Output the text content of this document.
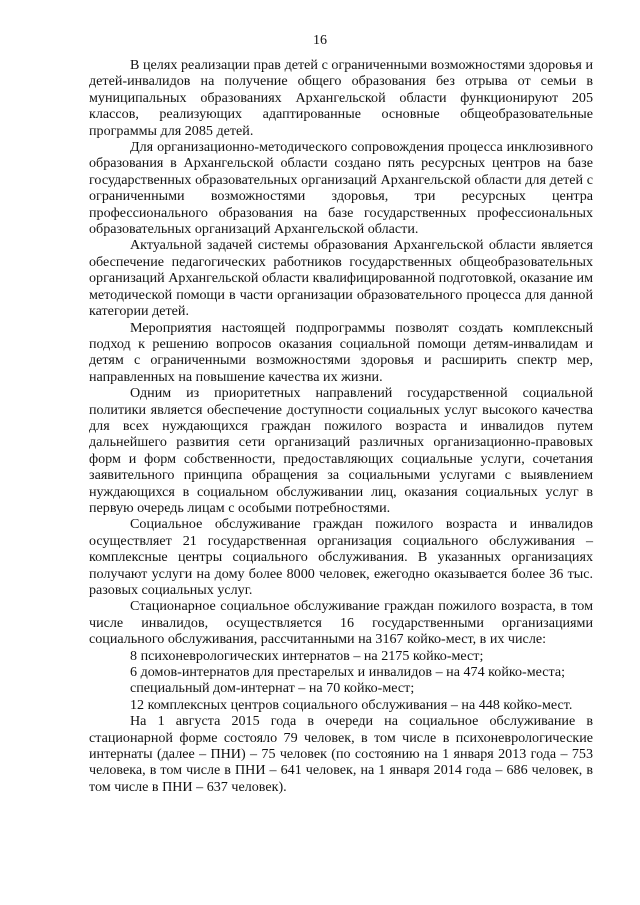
16

В целях реализации прав детей с ограниченными возможностями здоровья и детей-инвалидов на получение общего образования без отрыва от семьи в муниципальных образованиях Архангельской области функционируют 205 классов, реализующих адаптированные основные общеобразовательные программы для 2085 детей.

Для организационно-методического сопровождения процесса инклюзивного образования в Архангельской области создано пять ресурсных центров на базе государственных образовательных организаций Архангельской области для детей с ограниченными возможностями здоровья, три ресурсных центра профессионального образования на базе государственных профессиональных образовательных организаций Архангельской области.

Актуальной задачей системы образования Архангельской области является обеспечение педагогических работников государственных общеобразовательных организаций Архангельской области квалифицированной подготовкой, оказание им методической помощи в части организации образовательного процесса для данной категории детей.

Мероприятия настоящей подпрограммы позволят создать комплексный подход к решению вопросов оказания социальной помощи детям-инвалидам и детям с ограниченными возможностями здоровья и расширить спектр мер, направленных на повышение качества их жизни.

Одним из приоритетных направлений государственной социальной политики является обеспечение доступности социальных услуг высокого качества для всех нуждающихся граждан пожилого возраста и инвалидов путем дальнейшего развития сети организаций различных организационно-правовых форм и форм собственности, предоставляющих социальные услуги, сочетания заявительного принципа обращения за социальными услугами с выявлением нуждающихся в социальном обслуживании лиц, оказания социальных услуг в первую очередь лицам с особыми потребностями.

Социальное обслуживание граждан пожилого возраста и инвалидов осуществляет 21 государственная организация социального обслуживания – комплексные центры социального обслуживания. В указанных организациях получают услуги на дому более 8000 человек, ежегодно оказывается более 36 тыс. разовых социальных услуг.

Стационарное социальное обслуживание граждан пожилого возраста, в том числе инвалидов, осуществляется 16 государственными организациями социального обслуживания, рассчитанными на 3167 койко-мест, в их числе:

8 психоневрологических интернатов – на 2175 койко-мест;

6 домов-интернатов для престарелых и инвалидов – на 474 койко-места;

специальный дом-интернат – на 70 койко-мест;

12 комплексных центров социального обслуживания – на 448 койко-мест.

На 1 августа 2015 года в очереди на социальное обслуживание в стационарной форме состояло 79 человек, в том числе в психоневрологические интернаты (далее – ПНИ) – 75 человек (по состоянию на 1 января 2013 года – 753 человека, в том числе в ПНИ – 641 человек, на 1 января 2014 года – 686 человек, в том числе в ПНИ – 637 человек).
